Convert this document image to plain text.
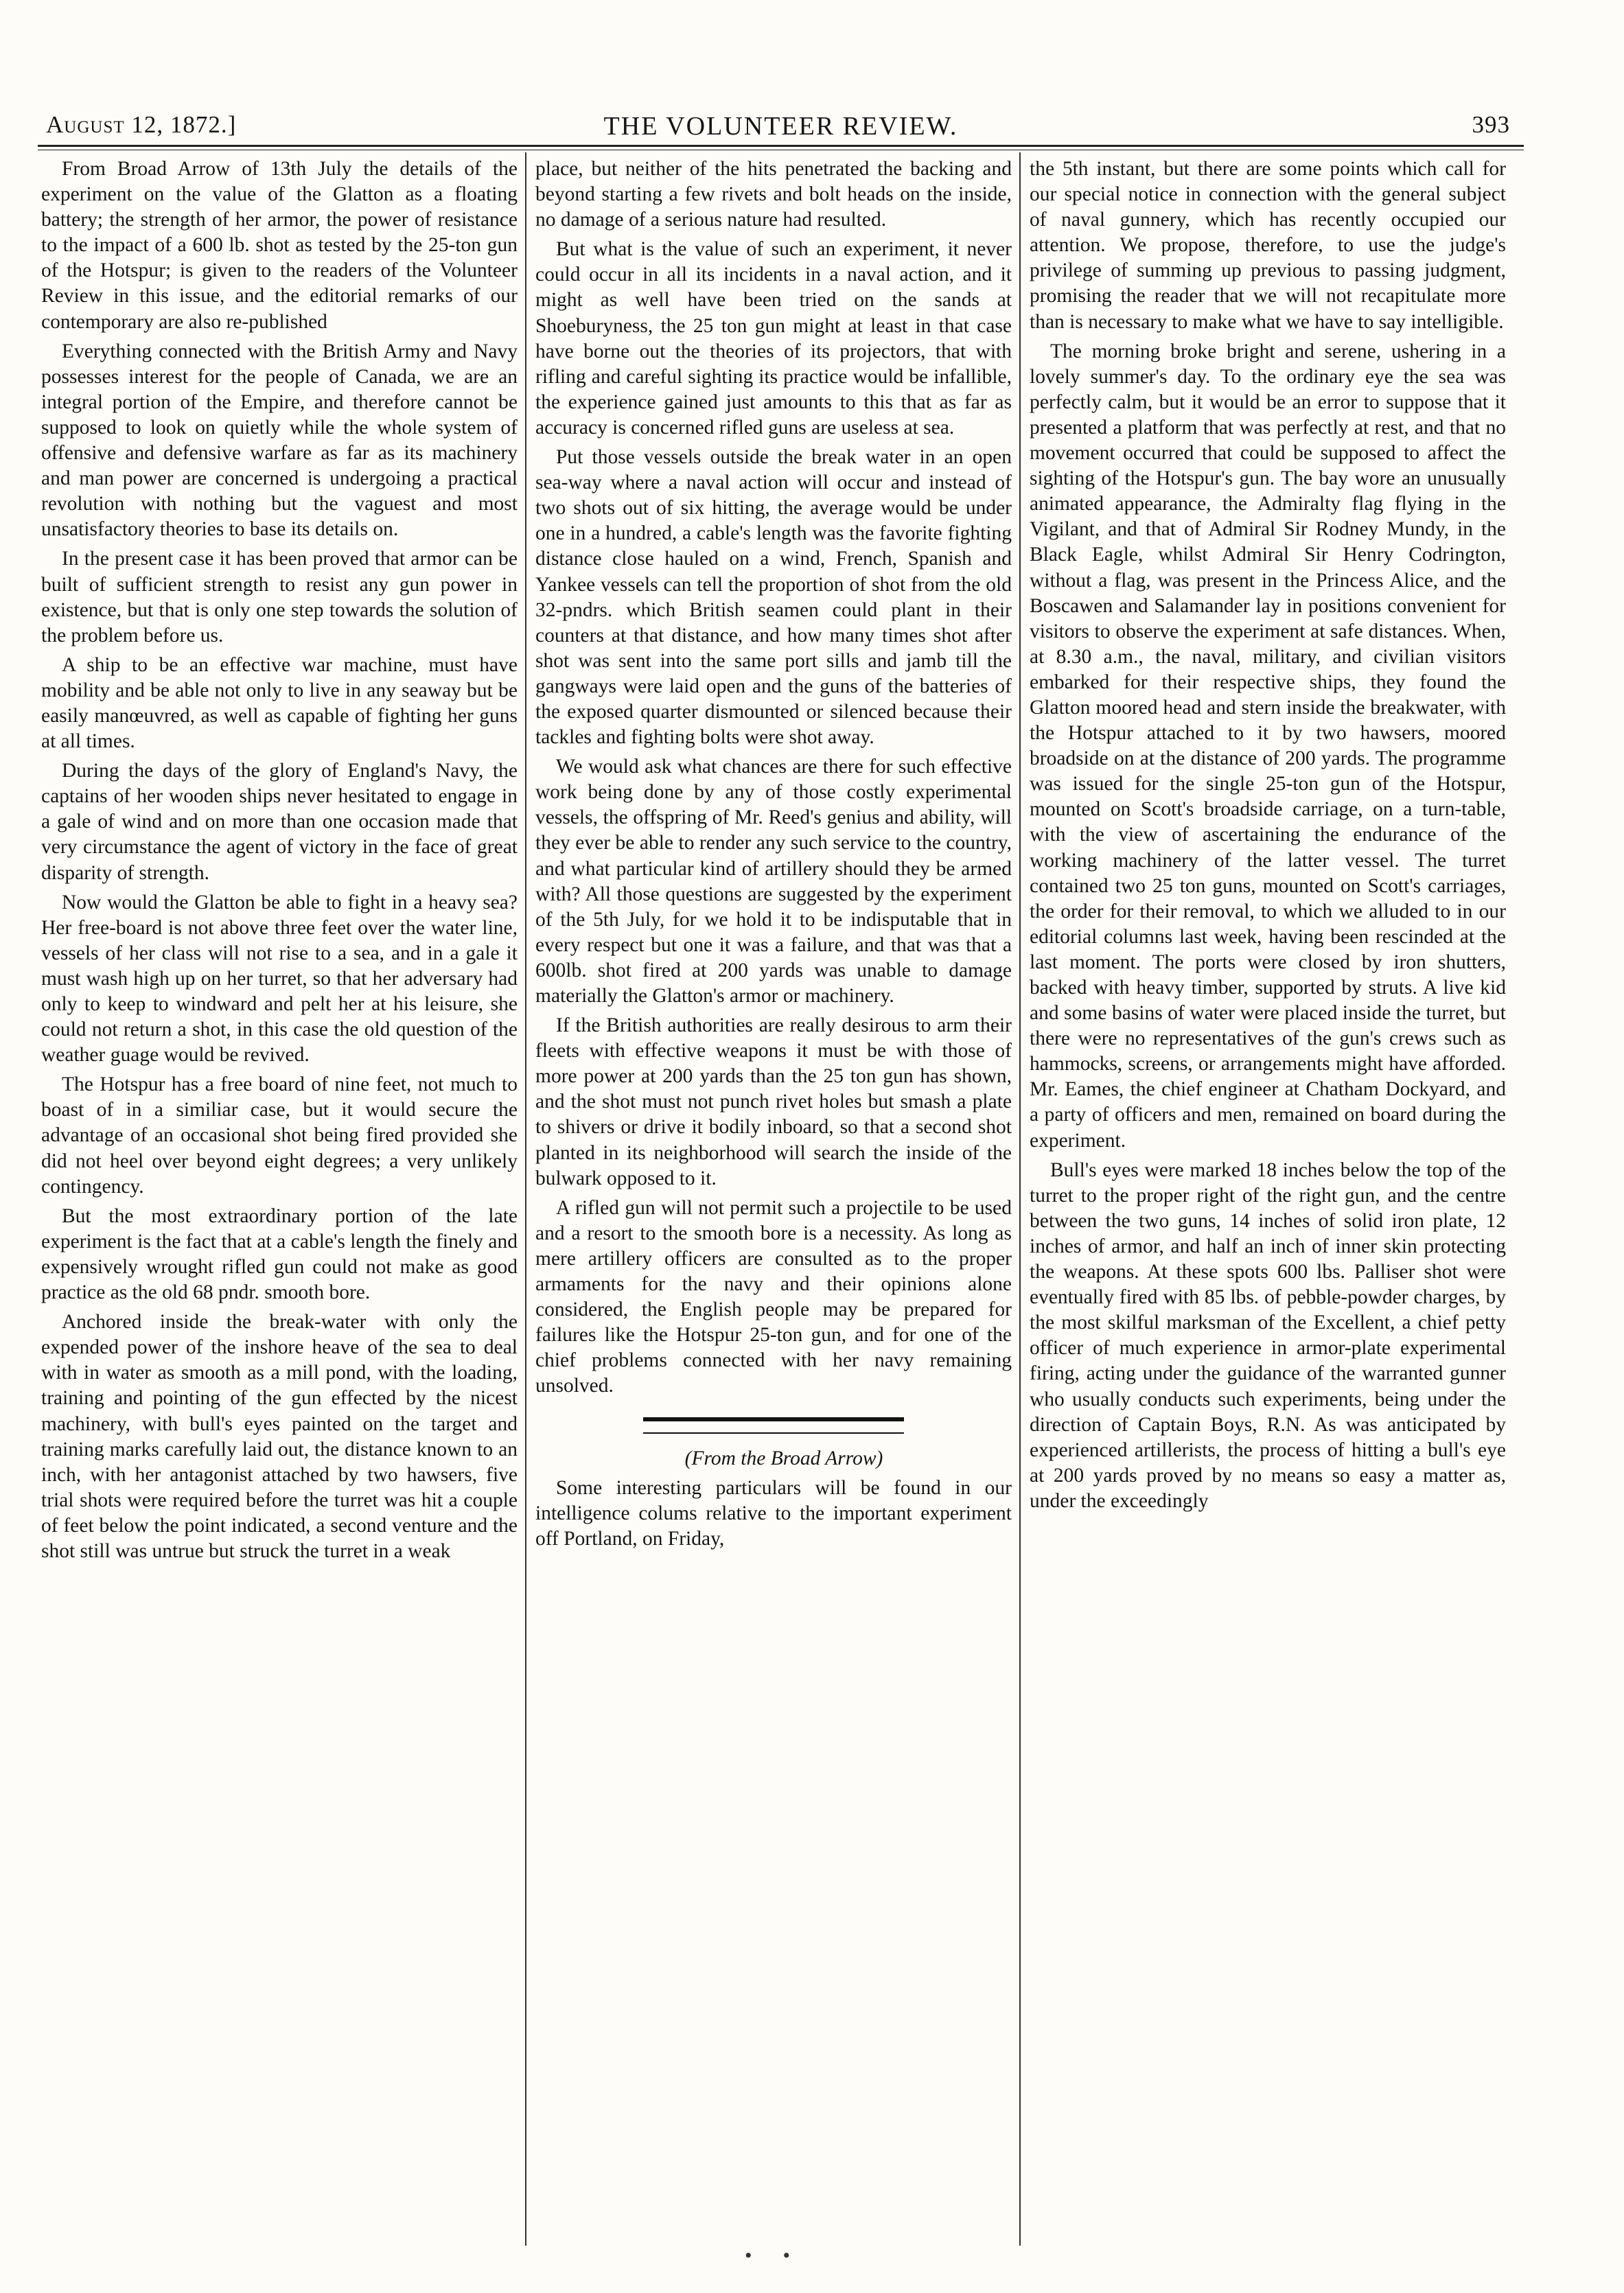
August 12, 1872.]	THE VOLUNTEER REVIEW.	393

From Broad Arrow of 13th July the details of the experiment on the value of the Glatton as a floating battery; the strength of her armor, the power of resistance to the impact of a 600 lb. shot as tested by the 25-ton gun of the Hotspur; is given to the readers of the Volunteer Review in this issue, and the editorial remarks of our contemporary are also re-published

Everything connected with the British Army and Navy possesses interest for the people of Canada, we are an integral portion of the Empire, and therefore cannot be supposed to look on quietly while the whole system of offensive and defensive warfare as far as its machinery and man power are concerned is undergoing a practical revolution with nothing but the vaguest and most unsatisfactory theories to base its details on.

In the present case it has been proved that armor can be built of sufficient strength to resist any gun power in existence, but that is only one step towards the solution of the problem before us.

A ship to be an effective war machine, must have mobility and be able not only to live in any seaway but be easily manœuvred, as well as capable of fighting her guns at all times.

During the days of the glory of England's Navy, the captains of her wooden ships never hesitated to engage in a gale of wind and on more than one occasion made that very circumstance the agent of victory in the face of great disparity of strength.

Now would the Glatton be able to fight in a heavy sea? Her free-board is not above three feet over the water line, vessels of her class will not rise to a sea, and in a gale it must wash high up on her turret, so that her adversary had only to keep to windward and pelt her at his leisure, she could not return a shot, in this case the old question of the weather guage would be revived.

The Hotspur has a free board of nine feet, not much to boast of in a similiar case, but it would secure the advantage of an occasional shot being fired provided she did not heel over beyond eight degrees; a very unlikely contingency.

But the most extraordinary portion of the late experiment is the fact that at a cable's length the finely and expensively wrought rifled gun could not make as good practice as the old 68 pndr. smooth bore.

Anchored inside the break-water with only the expended power of the inshore heave of the sea to deal with in water as smooth as a mill pond, with the loading, training and pointing of the gun effected by the nicest machinery, with bull's eyes painted on the target and training marks carefully laid out, the distance known to an inch, with her antagonist attached by two hawsers, five trial shots were required before the turret was hit a couple of feet below the point indicated, a second venture and the shot still was untrue but struck the turret in a weak

place, but neither of the hits penetrated the backing and beyond starting a few rivets and bolt heads on the inside, no damage of a serious nature had resulted.

But what is the value of such an experiment, it never could occur in all its incidents in a naval action, and it might as well have been tried on the sands at Shoeburyness, the 25 ton gun might at least in that case have borne out the theories of its projectors, that with rifling and careful sighting its practice would be infallible, the experience gained just amounts to this that as far as accuracy is concerned rifled guns are useless at sea.

Put those vessels outside the break water in an open sea-way where a naval action will occur and instead of two shots out of six hitting, the average would be under one in a hundred, a cable's length was the favorite fighting distance close hauled on a wind, French, Spanish and Yankee vessels can tell the proportion of shot from the old 32-pndrs. which British seamen could plant in their counters at that distance, and how many times shot after shot was sent into the same port sills and jamb till the gangways were laid open and the guns of the batteries of the exposed quarter dismounted or silenced because their tackles and fighting bolts were shot away.

We would ask what chances are there for such effective work being done by any of those costly experimental vessels, the offspring of Mr. Reed's genius and ability, will they ever be able to render any such service to the country, and what particular kind of artillery should they be armed with? All those questions are suggested by the experiment of the 5th July, for we hold it to be indisputable that in every respect but one it was a failure, and that was that a 600lb. shot fired at 200 yards was unable to damage materially the Glatton's armor or machinery.

If the British authorities are really desirous to arm their fleets with effective weapons it must be with those of more power at 200 yards than the 25 ton gun has shown, and the shot must not punch rivet holes but smash a plate to shivers or drive it bodily inboard, so that a second shot planted in its neighborhood will search the inside of the bulwark opposed to it.

A rifled gun will not permit such a projectile to be used and a resort to the smooth bore is a necessity. As long as mere artillery officers are consulted as to the proper armaments for the navy and their opinions alone considered, the English people may be prepared for failures like the Hotspur 25-ton gun, and for one of the chief problems connected with her navy remaining unsolved.

(From the Broad Arrow)

Some interesting particulars will be found in our intelligence colums relative to the important experiment off Portland, on Friday,

the 5th instant, but there are some points which call for our special notice in connection with the general subject of naval gunnery, which has recently occupied our attention. We propose, therefore, to use the judge's privilege of summing up previous to passing judgment, promising the reader that we will not recapitulate more than is necessary to make what we have to say intelligible.

The morning broke bright and serene, ushering in a lovely summer's day. To the ordinary eye the sea was perfectly calm, but it would be an error to suppose that it presented a platform that was perfectly at rest, and that no movement occurred that could be supposed to affect the sighting of the Hotspur's gun. The bay wore an unusually animated appearance, the Admiralty flag flying in the Vigilant, and that of Admiral Sir Rodney Mundy, in the Black Eagle, whilst Admiral Sir Henry Codrington, without a flag, was present in the Princess Alice, and the Boscawen and Salamander lay in positions convenient for visitors to observe the experiment at safe distances. When, at 8.30 a.m., the naval, military, and civilian visitors embarked for their respective ships, they found the Glatton moored head and stern inside the breakwater, with the Hotspur attached to it by two hawsers, moored broadside on at the distance of 200 yards. The programme was issued for the single 25-ton gun of the Hotspur, mounted on Scott's broadside carriage, on a turn-table, with the view of ascertaining the endurance of the working machinery of the latter vessel. The turret contained two 25 ton guns, mounted on Scott's carriages, the order for their removal, to which we alluded to in our editorial columns last week, having been rescinded at the last moment. The ports were closed by iron shutters, backed with heavy timber, supported by struts. A live kid and some basins of water were placed inside the turret, but there were no representatives of the gun's crews such as hammocks, screens, or arrangements might have afforded. Mr. Eames, the chief engineer at Chatham Dockyard, and a party of officers and men, remained on board during the experiment.

Bull's eyes were marked 18 inches below the top of the turret to the proper right of the right gun, and the centre between the two guns, 14 inches of solid iron plate, 12 inches of armor, and half an inch of inner skin protecting the weapons. At these spots 600 lbs. Palliser shot were eventually fired with 85 lbs. of pebble-powder charges, by the most skilful marksman of the Excellent, a chief petty officer of much experience in armor-plate experimental firing, acting under the guidance of the warranted gunner who usually conducts such experiments, being under the direction of Captain Boys, R.N. As was anticipated by experienced artillerists, the process of hitting a bull's eye at 200 yards proved by no means so easy a matter as, under the exceedingly

•      •
